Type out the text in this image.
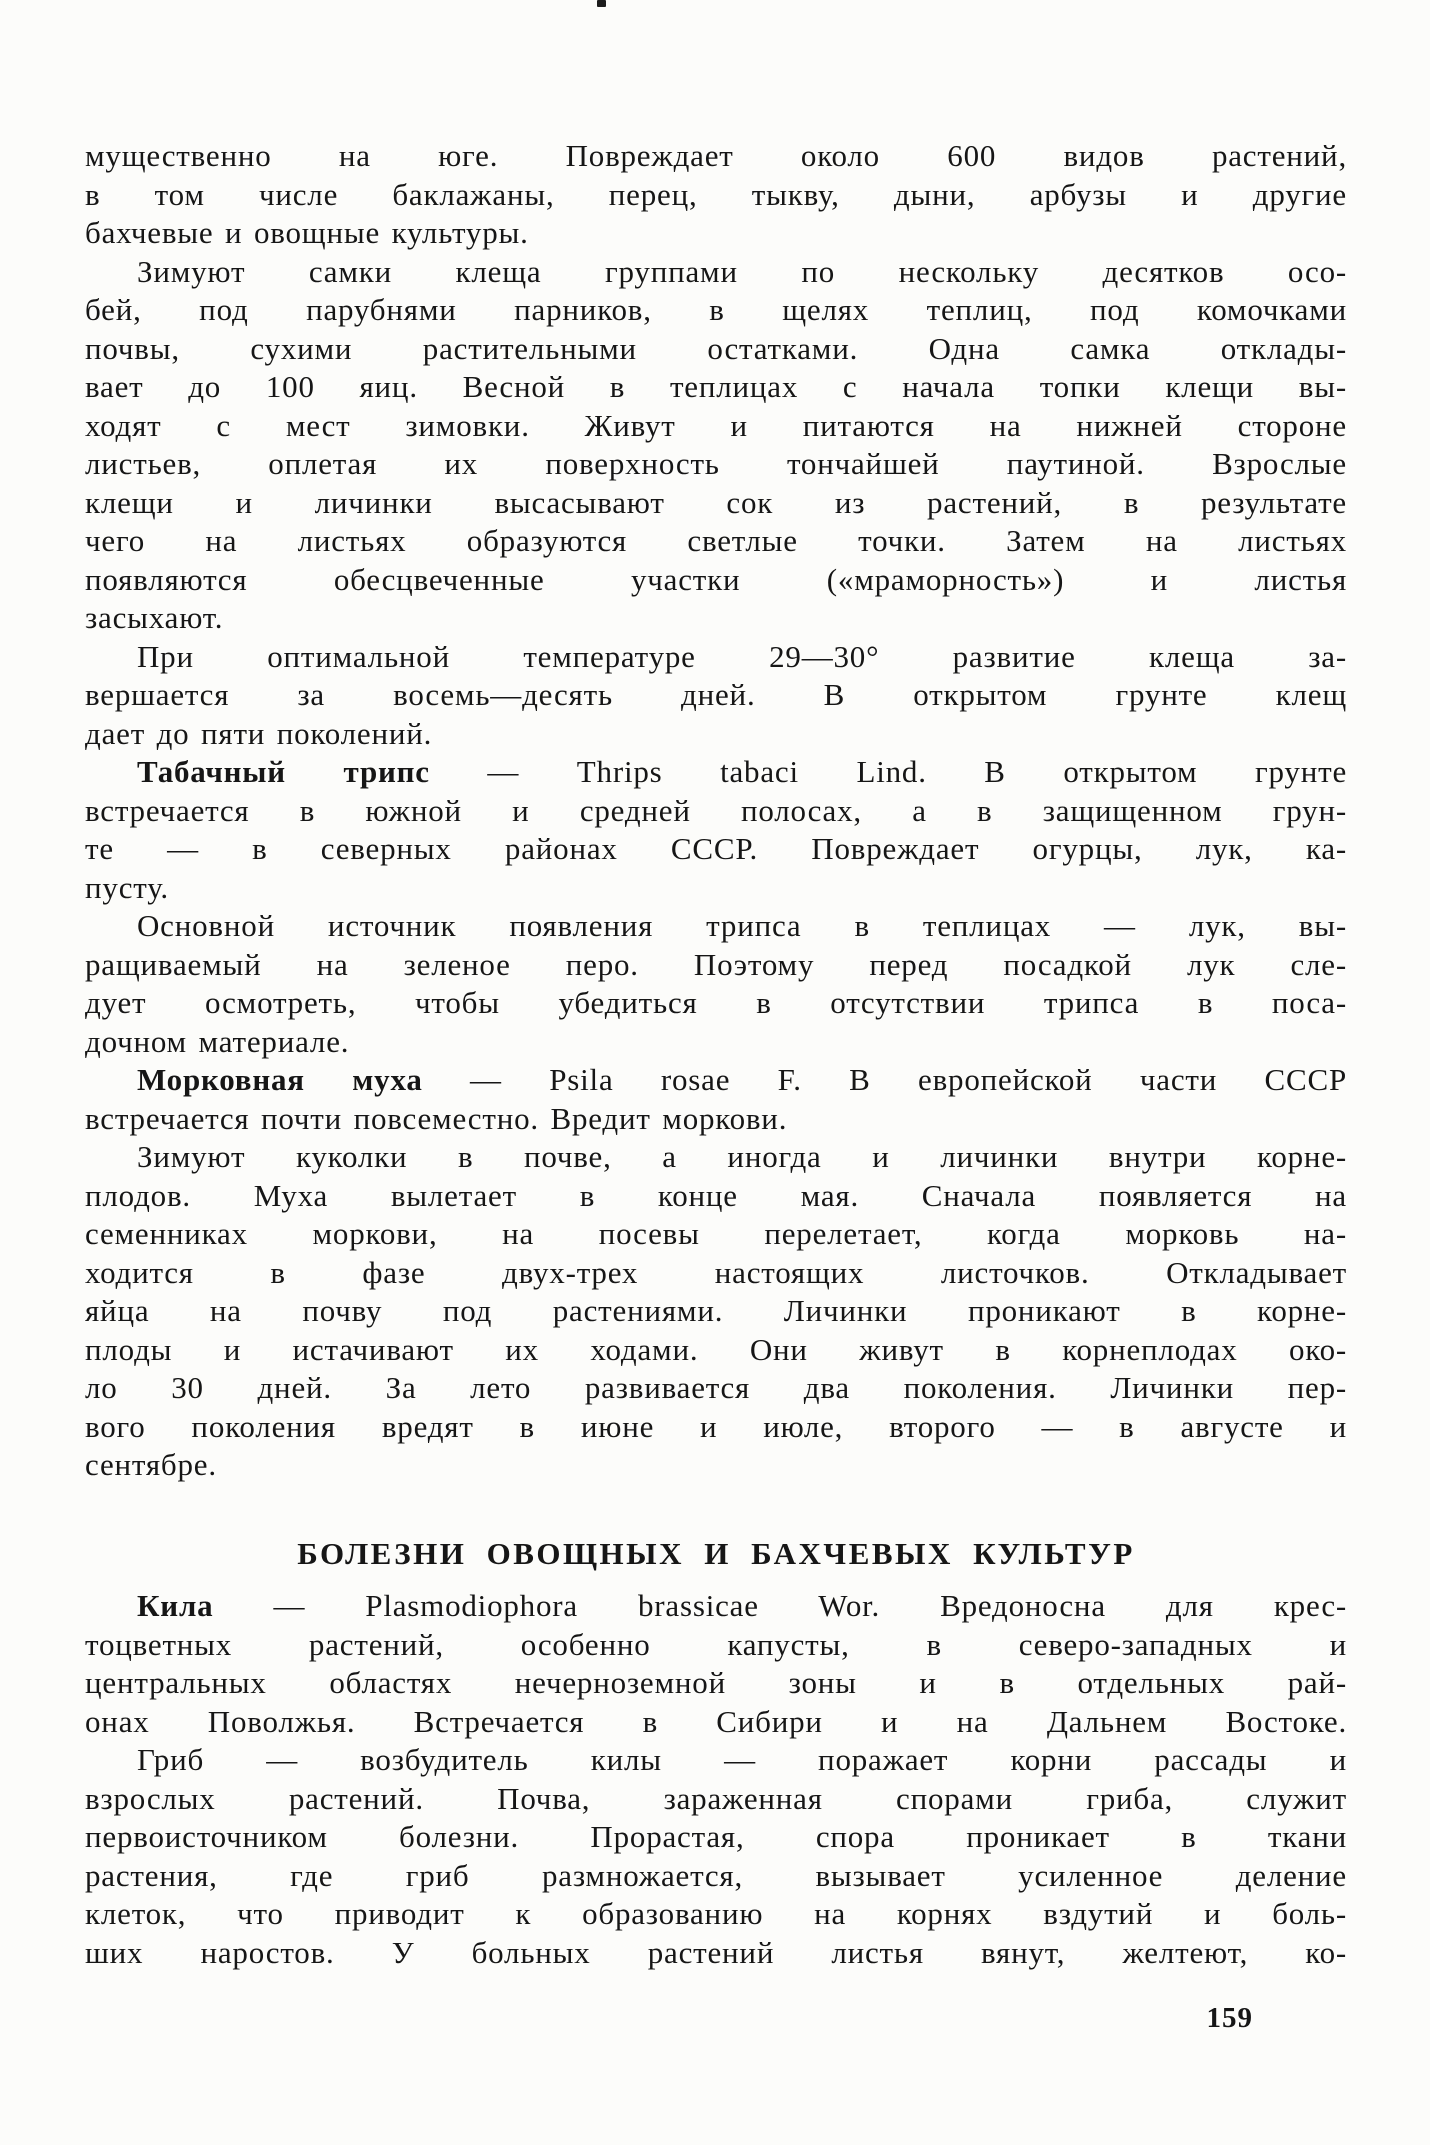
мущественно на юге. Повреждает около 600 видов растений,
в том числе баклажаны, перец, тыкву, дыни, арбузы и другие
бахчевые и овощные культуры.
Зимуют самки клеща группами по нескольку десятков осо-
бей, под парубнями парников, в щелях теплиц, под комочками
почвы, сухими растительными остатками. Одна самка отклады-
вает до 100 яиц. Весной в теплицах с начала топки клещи вы-
ходят с мест зимовки. Живут и питаются на нижней стороне
листьев, оплетая их поверхность тончайшей паутиной. Взрослые
клещи и личинки высасывают сок из растений, в результате
чего на листьях образуются светлые точки. Затем на листьях
появляются обесцвеченные участки («мраморность») и листья
засыхают.
При оптимальной температуре 29—30° развитие клеща за-
вершается за восемь—десять дней. В открытом грунте клещ
дает до пяти поколений.
Табачный трипс — Thrips tabaci Lind. В открытом грунте
встречается в южной и средней полосах, а в защищенном грун-
те — в северных районах СССР. Повреждает огурцы, лук, ка-
пусту.
Основной источник появления трипса в теплицах — лук, вы-
ращиваемый на зеленое перо. Поэтому перед посадкой лук сле-
дует осмотреть, чтобы убедиться в отсутствии трипса в поса-
дочном материале.
Морковная муха — Psila rosae F. В европейской части СССР
встречается почти повсеместно. Вредит моркови.
Зимуют куколки в почве, а иногда и личинки внутри корне-
плодов. Муха вылетает в конце мая. Сначала появляется на
семенниках моркови, на посевы перелетает, когда морковь на-
ходится в фазе двух-трех настоящих листочков. Откладывает
яйца на почву под растениями. Личинки проникают в корне-
плоды и истачивают их ходами. Они живут в корнеплодах око-
ло 30 дней. За лето развивается два поколения. Личинки пер-
вого поколения вредят в июне и июле, второго — в августе и
сентябре.
БОЛЕЗНИ ОВОЩНЫХ И БАХЧЕВЫХ КУЛЬТУР
Кила — Plasmodiophora brassicae Wor. Вредоносна для крес-
тоцветных растений, особенно капусты, в северо-западных и
центральных областях нечерноземной зоны и в отдельных рай-
онах Поволжья. Встречается в Сибири и на Дальнем Востоке.
Гриб — возбудитель килы — поражает корни рассады и
взрослых растений. Почва, зараженная спорами гриба, служит
первоисточником болезни. Прорастая, спора проникает в ткани
растения, где гриб размножается, вызывает усиленное деление
клеток, что приводит к образованию на корнях вздутий и боль-
ших наростов. У больных растений листья вянут, желтеют, ко-
159
